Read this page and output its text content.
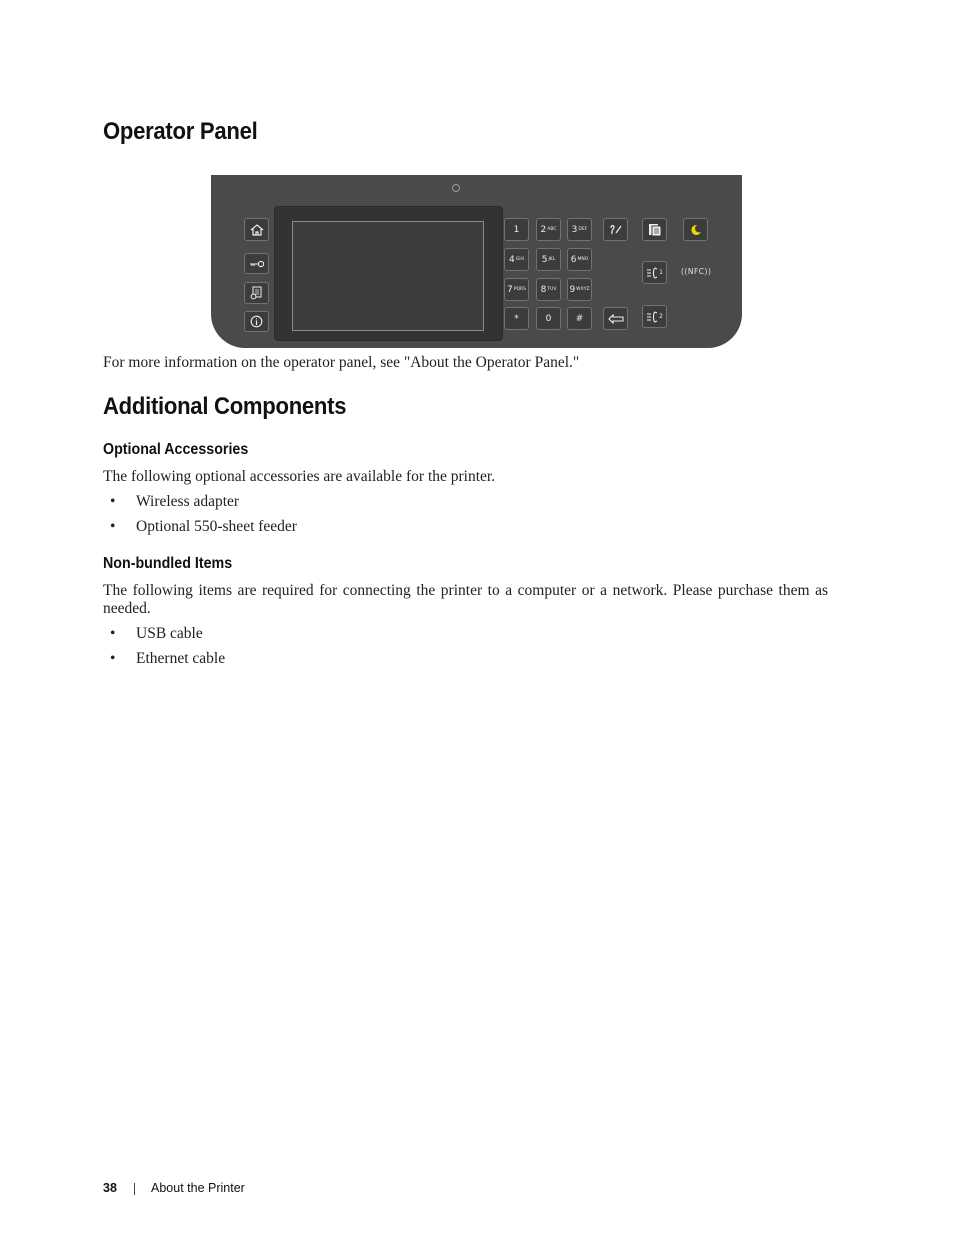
Operator Panel
1 2 ABC 3 DEF
4 GHI 5 JKL 6 MNO
7 PQRS 8 TUV 9 WXYZ
*	0	#
1
2
((NFC))

For more information on the operator panel, see "About the Operator Panel."

Additional Components
Optional Accessories

The following optional accessories are available for the printer.

• Wireless adapter
• Optional 550-sheet feeder
Non-bundled Items

The following items are required for connecting the printer to a computer or a network. Please purchase them as needed.

• USB cable
• Ethernet cable
38	About the Printer
